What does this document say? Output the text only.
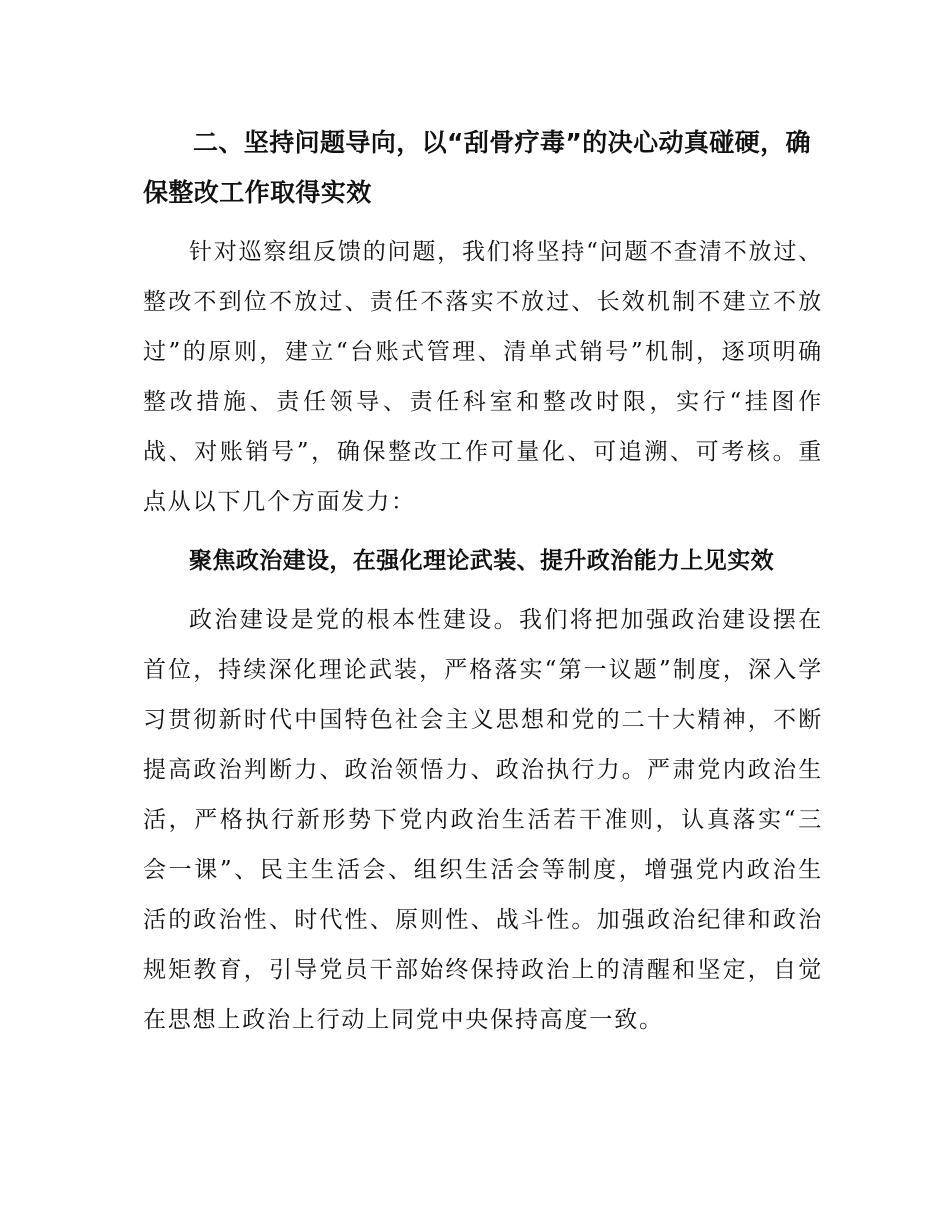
二、坚持问题导向，以“刮骨疗毒”的决心动真碰硬，确保整改工作取得实效

针对巡察组反馈的问题，我们将坚持“问题不查清不放过、整改不到位不放过、责任不落实不放过、长效机制不建立不放过”的原则，建立“台账式管理、清单式销号”机制，逐项明确整改措施、责任领导、责任科室和整改时限，实行“挂图作战、对账销号”，确保整改工作可量化、可追溯、可考核。重点从以下几个方面发力：

聚焦政治建设，在强化理论武装、提升政治能力上见实效

政治建设是党的根本性建设。我们将把加强政治建设摆在首位，持续深化理论武装，严格落实“第一议题”制度，深入学习贯彻新时代中国特色社会主义思想和党的二十大精神，不断提高政治判断力、政治领悟力、政治执行力。严肃党内政治生活，严格执行新形势下党内政治生活若干准则，认真落实“三会一课”、民主生活会、组织生活会等制度，增强党内政治生活的政治性、时代性、原则性、战斗性。加强政治纪律和政治规矩教育，引导党员干部始终保持政治上的清醒和坚定，自觉在思想上政治上行动上同党中央保持高度一致。
